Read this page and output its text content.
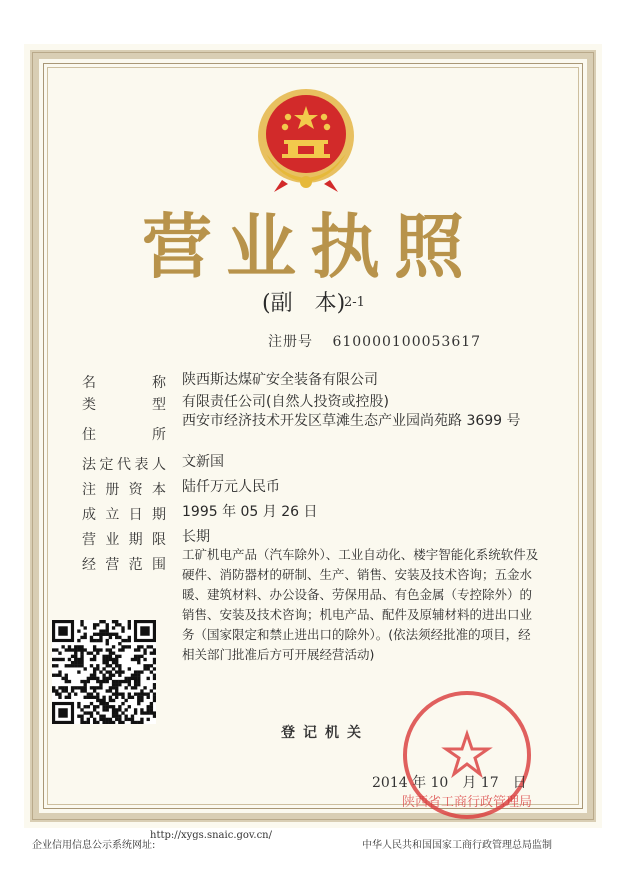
营业执照
(副　本)
2-1
注册号 610000100053617
名	称 陕西斯达煤矿安全装备有限公司
类	型 有限责任公司(自然人投资或控股)
住	所
西安市经济技术开发区草滩生态产业园尚苑路 3699 号
法 定 代 表 人 文新国
注 册 资 本 陆仟万元人民币
成 立 日 期 1995 年 05 月 26 日
营 业 期 限 长期
经 营 范 围
工矿机电产品（汽车除外）、工业自动化、楼宇智能化系统软件及硬件、消防器材的研制、生产、销售、安装及技术咨询；五金水暖、建筑材料、办公设备、劳保用品、有色金属（专控除外）的销售、安装及技术咨询；机电产品、配件及原辅材料的进出口业务（国家限定和禁止进出口的除外）。(依法须经批准的项目，经相关部门批准后方可开展经营活动)
登记机关
陕西省工商行政管理局
2014 年 10　月 17　日
企业信用信息公示系统网址:
http://xygs.snaic.gov.cn/
中华人民共和国国家工商行政管理总局监制
